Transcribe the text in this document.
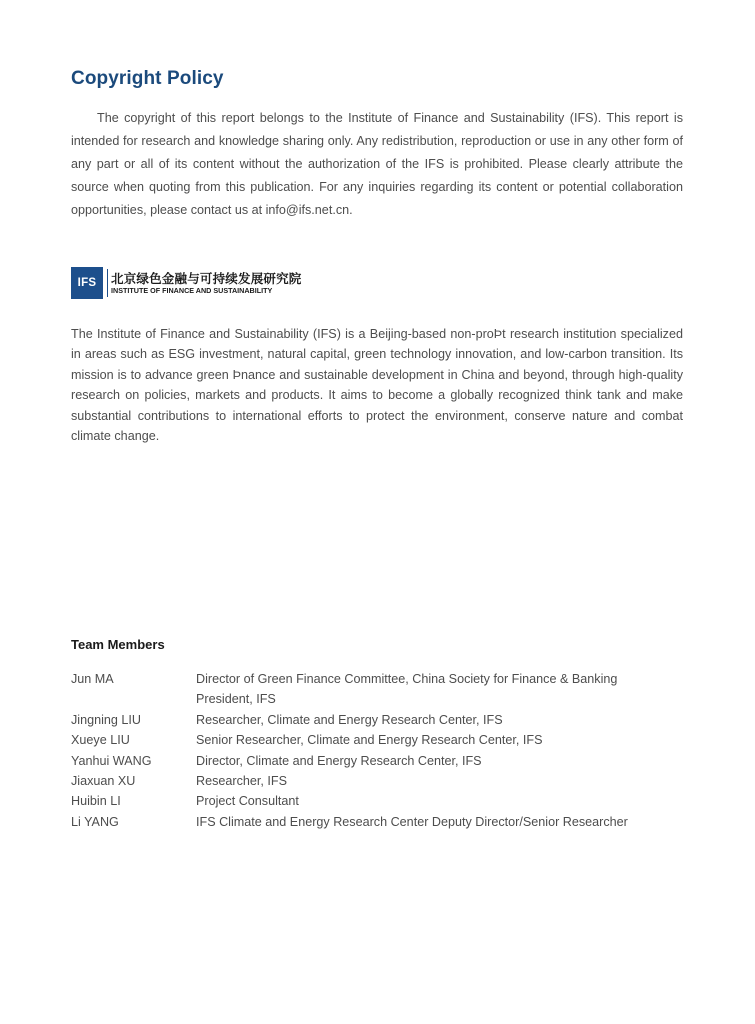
Copyright Policy

The copyright of this report belongs to the Institute of Finance and Sustainability (IFS). This report is intended for research and knowledge sharing only. Any redistribution, reproduction or use in any other form of any part or all of its content without the authorization of the IFS is prohibited. Please clearly attribute the source when quoting from this publication. For any inquiries regarding its content or potential collaboration opportunities, please contact us at info@ifs.net.cn.

IFS	北京绿色金融与可持续发展研究院
INSTITUTE OF FINANCE AND SUSTAINABILITY

The Institute of Finance and Sustainability (IFS) is a Beijing-based non-proÞt research institution specialized in areas such as ESG investment, natural capital, green technology innovation, and low-carbon transition. Its mission is to advance green Þnance and sustainable development in China and beyond, through high-quality research on policies, markets and products. It aims to become a globally recognized think tank and make substantial contributions to international efforts to protect the environment, conserve nature and combat climate change.

Team Members
Jun MA	Director of Green Finance Committee, China Society for Finance & Banking
President, IFS
Jingning LIU	Researcher, Climate and Energy Research Center, IFS
Xueye LIU	Senior Researcher, Climate and Energy Research Center, IFS
Yanhui WANG	Director, Climate and Energy Research Center, IFS
Jiaxuan XU	Researcher, IFS
Huibin LI	Project Consultant
Li YANG	IFS Climate and Energy Research Center Deputy Director/Senior Researcher
